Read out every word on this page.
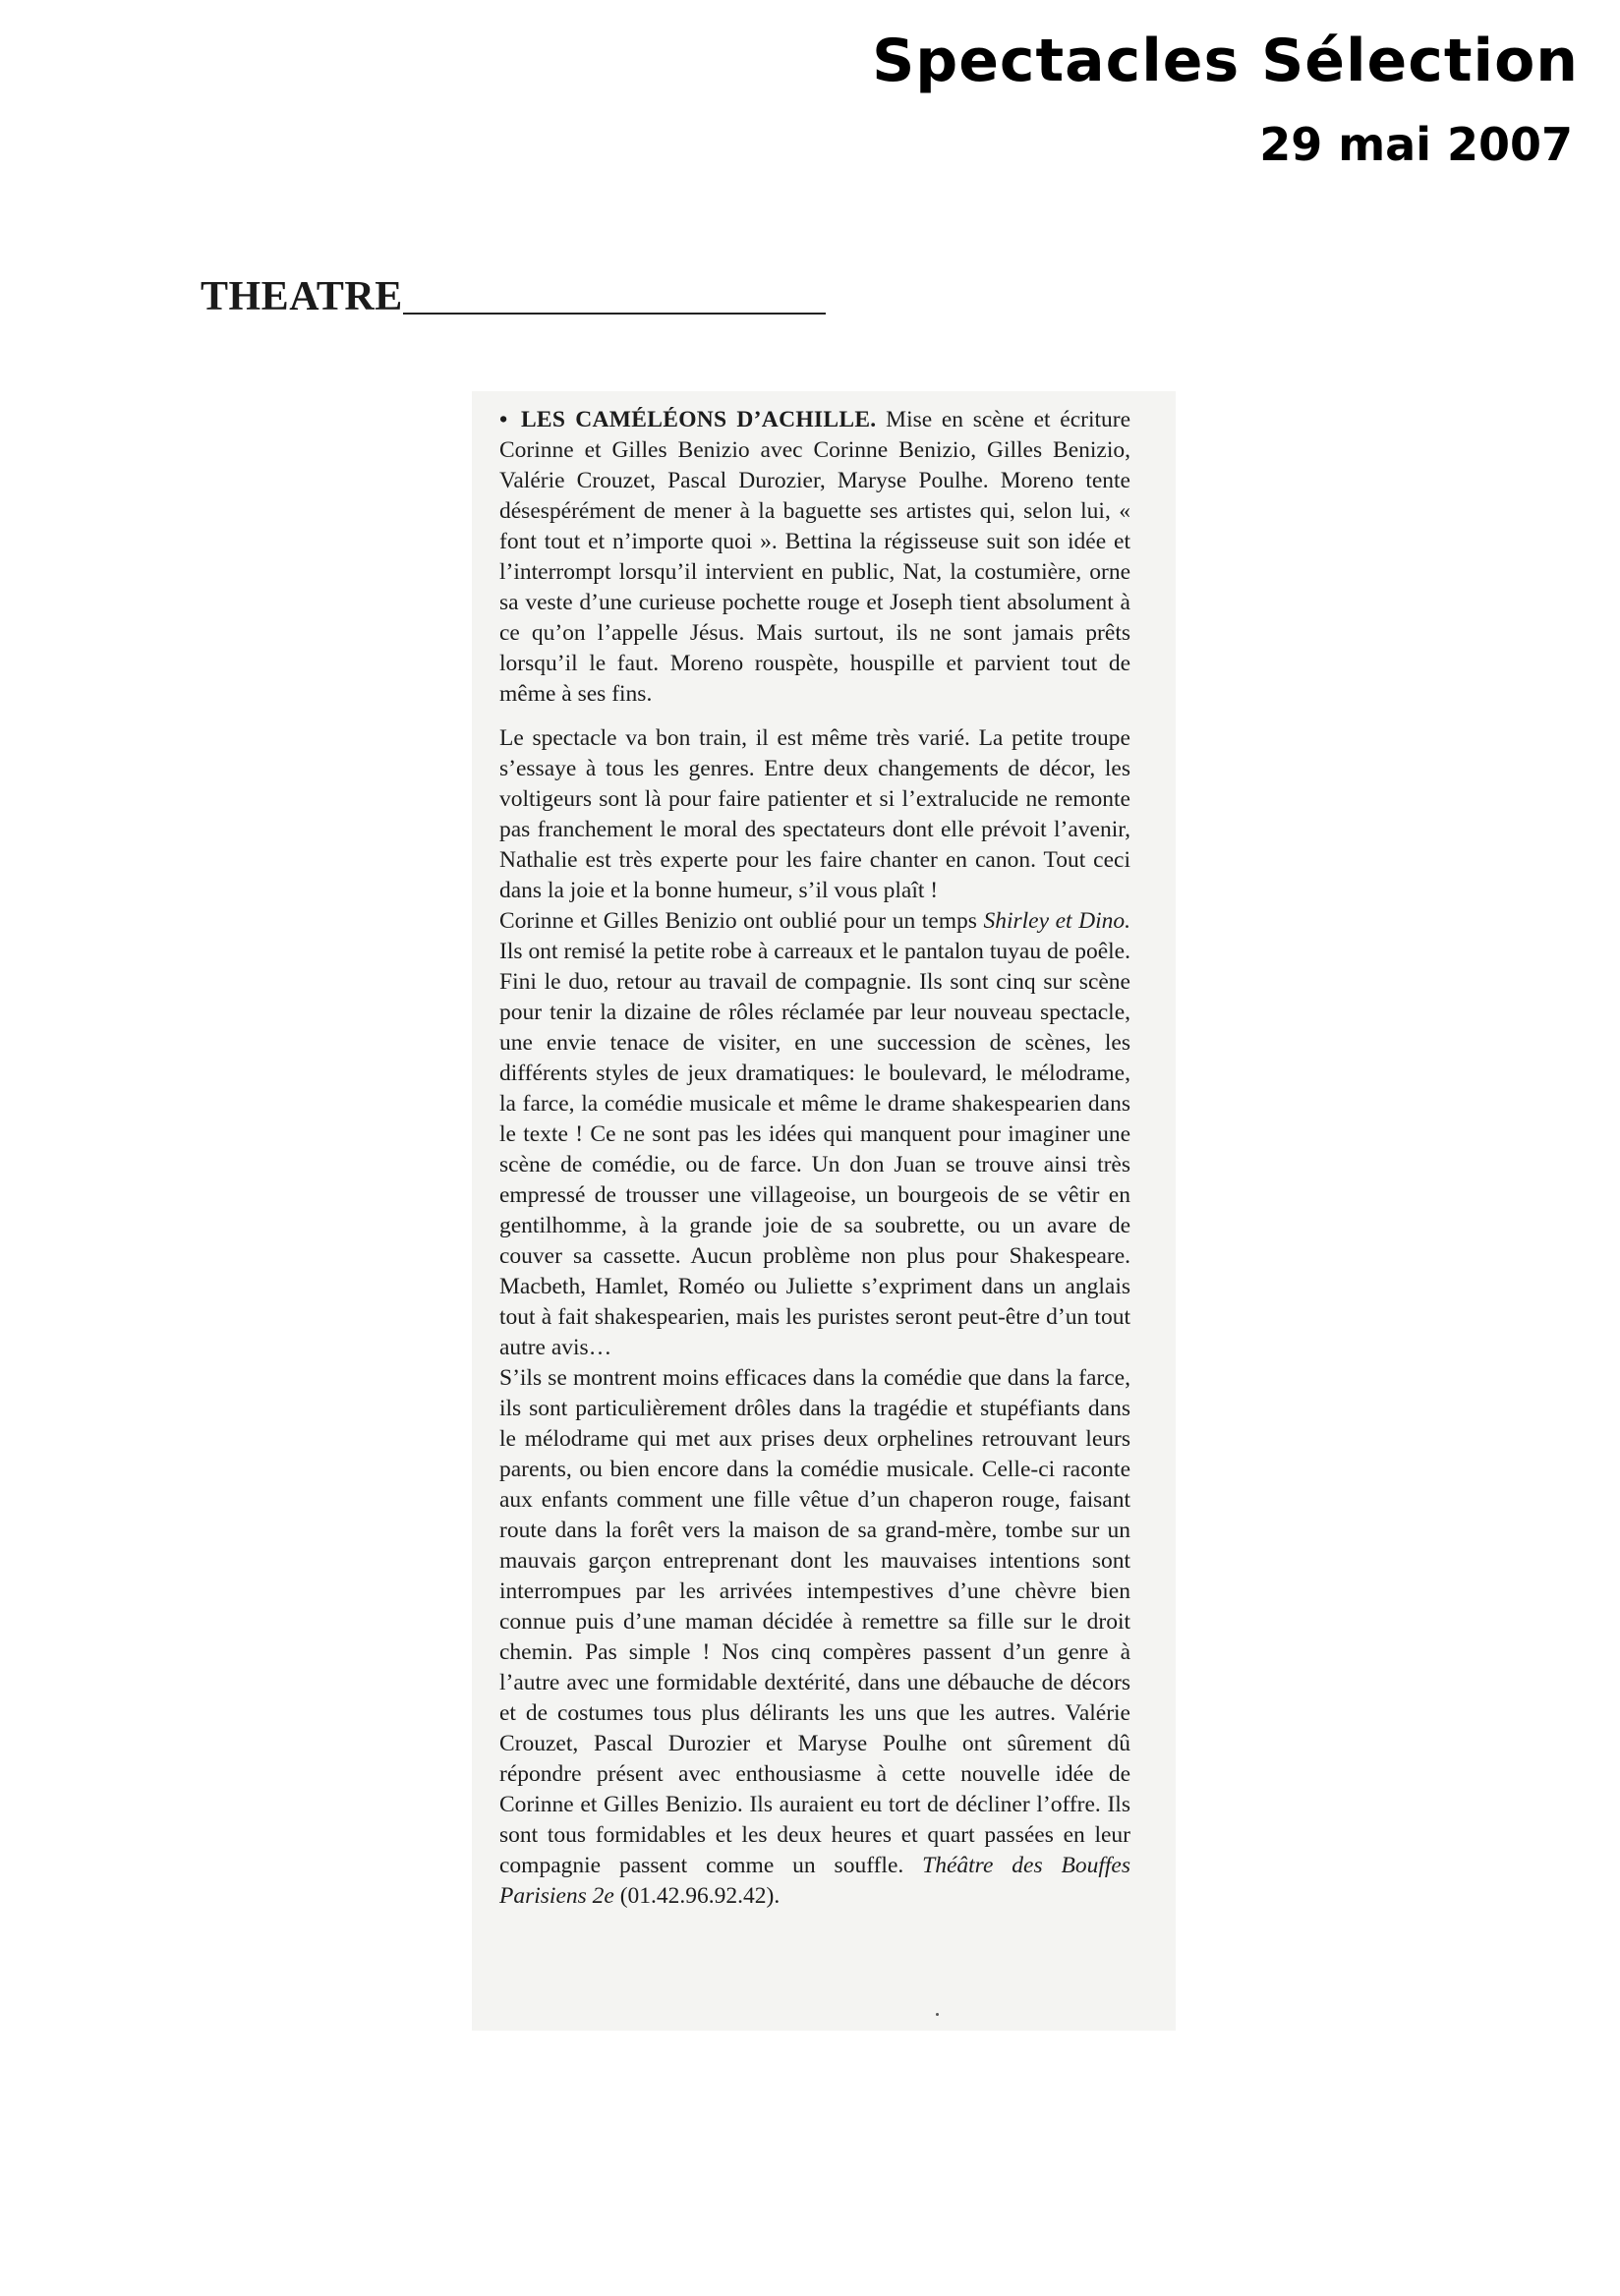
Spectacles Sélection
29 mai 2007
THEATRE

• LES CAMÉLÉONS D’ACHILLE. Mise en scène et écriture Corinne et Gilles Benizio avec Corinne Benizio, Gilles Benizio, Valérie Crouzet, Pascal Durozier, Maryse Poulhe. Moreno tente désespérément de mener à la baguette ses artistes qui, selon lui, « font tout et n’importe quoi ». Bettina la régisseuse suit son idée et l’interrompt lorsqu’il intervient en public, Nat, la costumière, orne sa veste d’une curieuse pochette rouge et Joseph tient absolument à ce qu’on l’appelle Jésus. Mais surtout, ils ne sont jamais prêts lorsqu’il le faut. Moreno rouspète, houspille et parvient tout de même à ses fins.

Le spectacle va bon train, il est même très varié. La petite troupe s’essaye à tous les genres. Entre deux changements de décor, les voltigeurs sont là pour faire patienter et si l’extralucide ne remonte pas franchement le moral des spectateurs dont elle prévoit l’avenir, Nathalie est très experte pour les faire chanter en canon. Tout ceci dans la joie et la bonne humeur, s’il vous plaît !

Corinne et Gilles Benizio ont oublié pour un temps Shirley et Dino. Ils ont remisé la petite robe à carreaux et le pantalon tuyau de poêle. Fini le duo, retour au travail de compagnie. Ils sont cinq sur scène pour tenir la dizaine de rôles réclamée par leur nouveau spectacle, une envie tenace de visiter, en une succession de scènes, les différents styles de jeux dramatiques: le boulevard, le mélodrame, la farce, la comédie musicale et même le drame shakespearien dans le texte ! Ce ne sont pas les idées qui manquent pour imaginer une scène de comédie, ou de farce. Un don Juan se trouve ainsi très empressé de trousser une villageoise, un bourgeois de se vêtir en gentilhomme, à la grande joie de sa soubrette, ou un avare de couver sa cassette. Aucun problème non plus pour Shakespeare. Macbeth, Hamlet, Roméo ou Juliette s’expriment dans un anglais tout à fait shakespearien, mais les puristes seront peut-être d’un tout autre avis…

S’ils se montrent moins efficaces dans la comédie que dans la farce, ils sont particulièrement drôles dans la tragédie et stupéfiants dans le mélodrame qui met aux prises deux orphelines retrouvant leurs parents, ou bien encore dans la comédie musicale. Celle-ci raconte aux enfants comment une fille vêtue d’un chaperon rouge, faisant route dans la forêt vers la maison de sa grand-mère, tombe sur un mauvais garçon entreprenant dont les mauvaises intentions sont interrompues par les arrivées intempestives d’une chèvre bien connue puis d’une maman décidée à remettre sa fille sur le droit chemin. Pas simple ! Nos cinq compères passent d’un genre à l’autre avec une formidable dextérité, dans une débauche de décors et de costumes tous plus délirants les uns que les autres. Valérie Crouzet, Pascal Durozier et Maryse Poulhe ont sûrement dû répondre présent avec enthousiasme à cette nouvelle idée de Corinne et Gilles Benizio. Ils auraient eu tort de décliner l’offre. Ils sont tous formidables et les deux heures et quart passées en leur compagnie passent comme un souffle. Théâtre des Bouffes Parisiens 2e (01.42.96.92.42).
